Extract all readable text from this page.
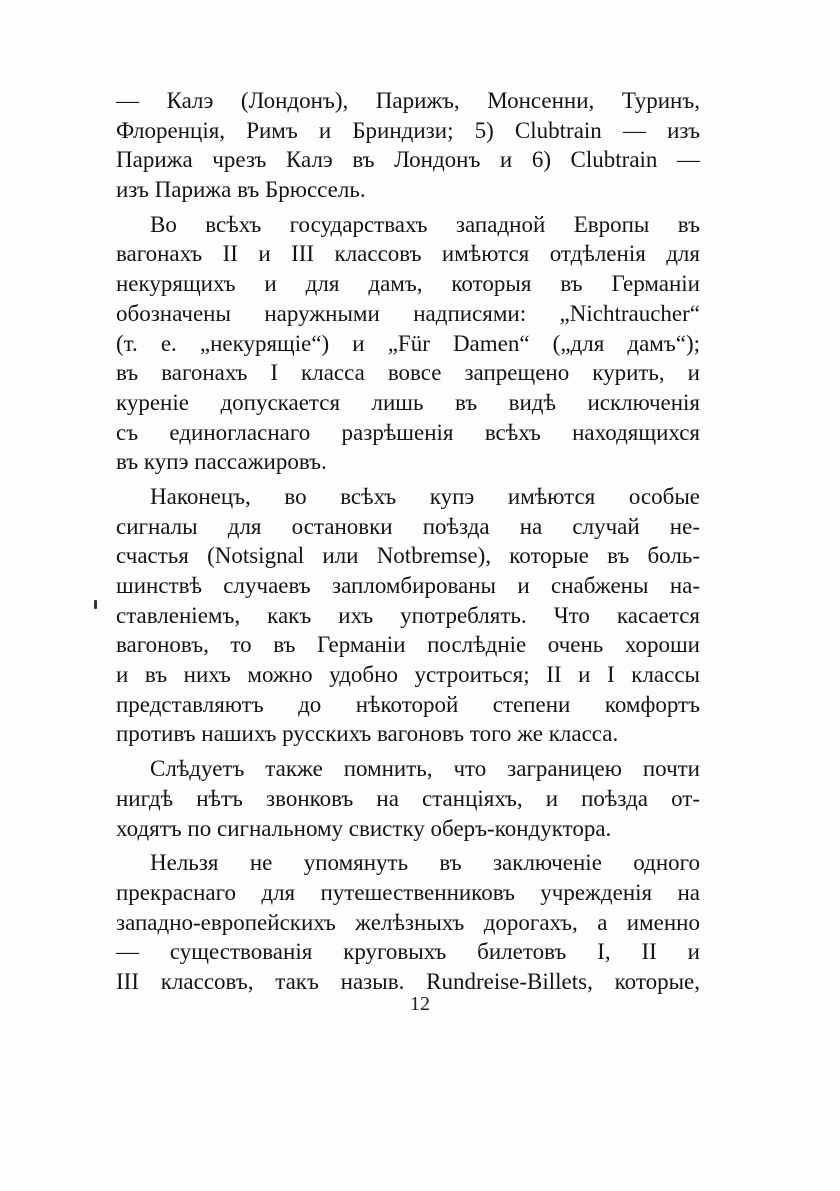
— Калэ (Лондонъ), Парижъ, Монсенни, Туринъ,
Флоренція, Римъ и Бриндизи; 5) Clubtrain — изъ
Парижа чрезъ Калэ въ Лондонъ и 6) Clubtrain —
изъ Парижа въ Брюссель.
Во всѣхъ государствахъ западной Европы въ
вагонахъ II и III классовъ имѣются отдѣленія для
некурящихъ и для дамъ, которыя въ Германіи
обозначены наружными надписями: „Nichtraucher“
(т. е. „некурящіе“) и „Für Damen“ („для дамъ“);
въ вагонахъ I класса вовсе запрещено курить, и
куреніе допускается лишь въ видѣ исключенія
съ единогласнаго разрѣшенія всѣхъ находящихся
въ купэ пассажировъ.
Наконецъ, во всѣхъ купэ имѣются особые
сигналы для остановки поѣзда на случай не-
счастья (Notsignal или Notbremse), которые въ боль-
шинствѣ случаевъ запломбированы и снабжены на-
ставленіемъ, какъ ихъ употреблять. Что касается
вагоновъ, то въ Германіи послѣдніе очень хороши
и въ нихъ можно удобно устроиться; II и I классы
представляютъ до нѣкоторой степени комфортъ
противъ нашихъ русскихъ вагоновъ того же класса.
Слѣдуетъ также помнить, что заграницею почти
нигдѣ нѣтъ звонковъ на станціяхъ, и поѣзда от-
ходятъ по сигнальному свистку оберъ-кондуктора.
Нельзя не упомянуть въ заключеніе одного
прекраснаго для путешественниковъ учрежденія на
западно-европейскихъ желѣзныхъ дорогахъ, а именно
— существованія круговыхъ билетовъ I, II и
III классовъ, такъ назыв. Rundreise-Billets, которые,
12
